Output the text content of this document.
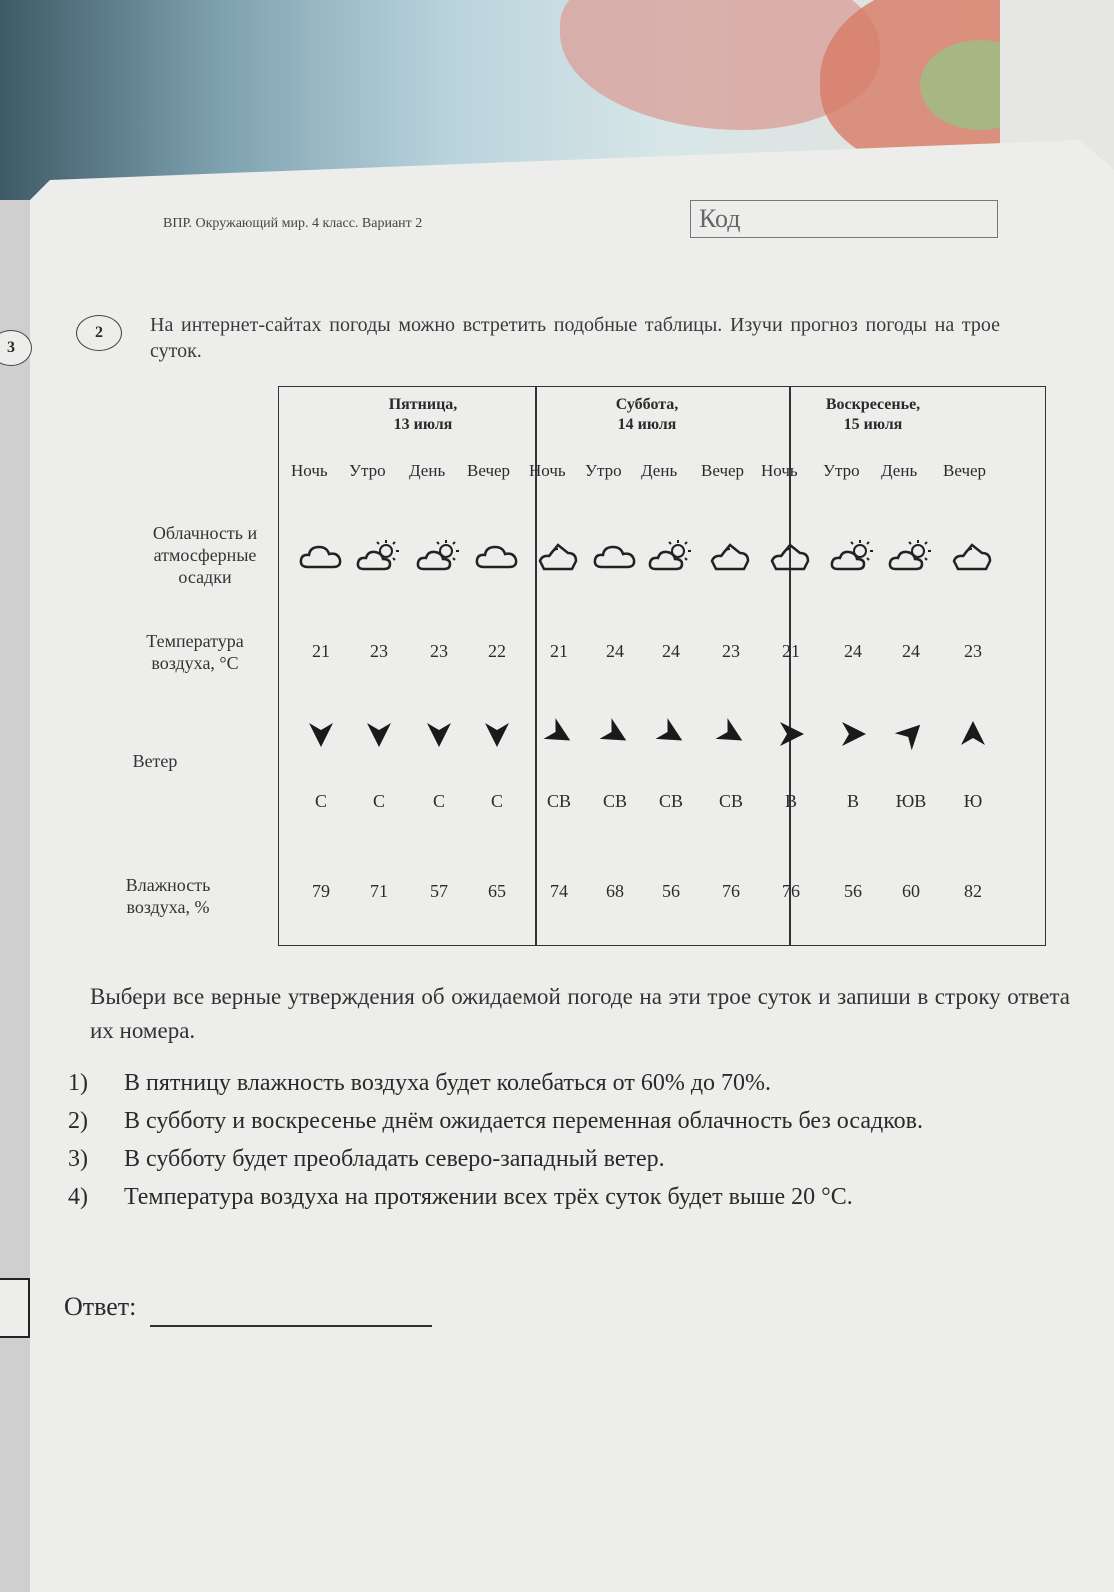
ВПР. Окружающий мир. 4 класс. Вариант 2	Код
3
2	На интернет-сайтах погоды можно встретить подобные таблицы. Изучи прогноз погоды на трое суток.
Облачность и атмосферные осадки
Температура воздуха, °С
Ветер
Влажность воздуха, %
Пятница,
13 июля
Суббота,
14 июля
Воскресенье,
15 июля
Ночь
21
С
79
Утро
23
С
71
День
23
С
57
Вечер
22
С
65
Ночь
21
СВ
74
Утро
24
СВ
68
День
24
СВ
56
Вечер
23
СВ
76
Ночь
21
В
76
Утро
24
В
56
День
24
ЮВ
60
Вечер
23
Ю
82
Выбери все верные утверждения об ожидаемой погоде на эти трое суток и запиши в строку ответа их номера.
1) В пятницу влажность воздуха будет колебаться от 60% до 70%.
2) В субботу и воскресенье днём ожидается переменная облачность без осадков.
3) В субботу будет преобладать северо-западный ветер.
4) Температура воздуха на протяжении всех трёх суток будет выше 20 °С.
Ответ:
